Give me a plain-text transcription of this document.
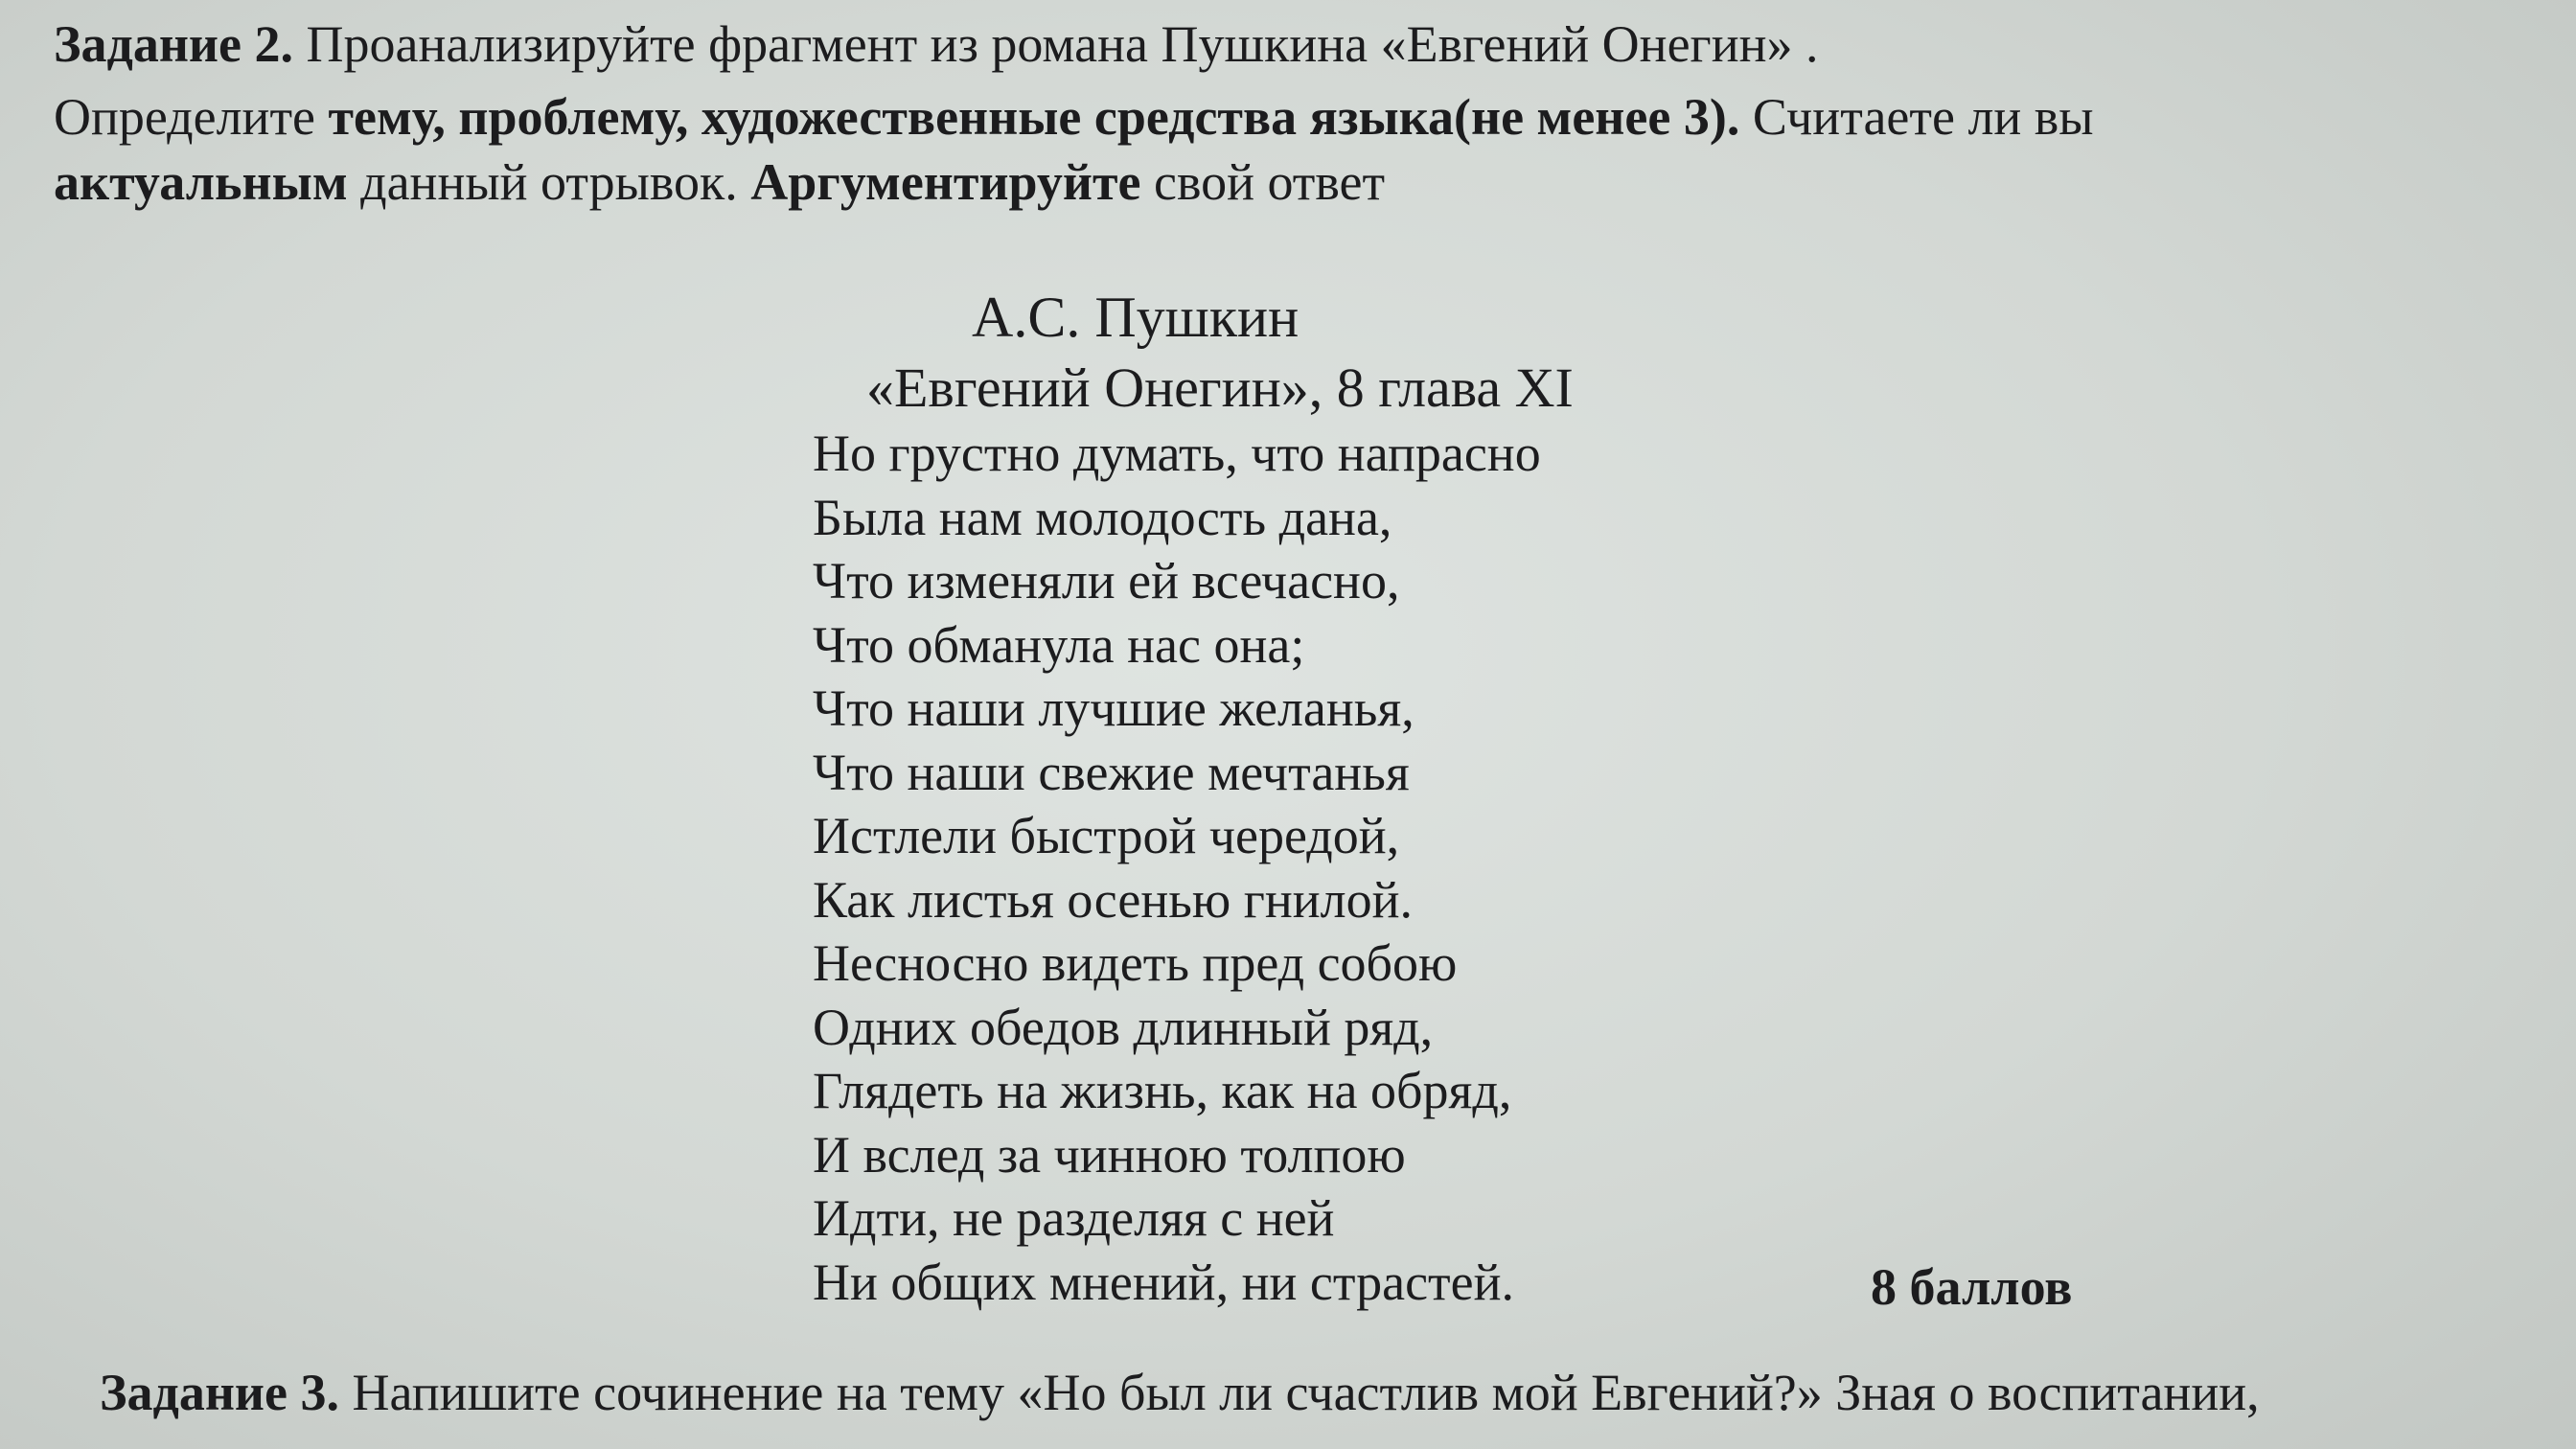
Задание 2. Проанализируйте фрагмент из романа Пушкина «Евгений Онегин» .
Определите тему, проблему, художественные средства языка(не менее 3). Считаете ли вы
актуальным данный отрывок. Аргументируйте свой ответ
А.С. Пушкин
«Евгений Онегин», 8 глава XI
Но грустно думать, что напрасно
Была нам молодость дана,
Что изменяли ей всечасно,
Что обманула нас она;
Что наши лучшие желанья,
Что наши свежие мечтанья
Истлели быстрой чередой,
Как листья осенью гнилой.
Несносно видеть пред собою
Одних обедов длинный ряд,
Глядеть на жизнь, как на обряд,
И вслед за чинною толпою
Идти, не разделяя с ней
Ни общих мнений, ни страстей.	8 баллов
Задание 3. Напишите сочинение на тему «Но был ли счастлив мой Евгений?» Зная о воспитании,
